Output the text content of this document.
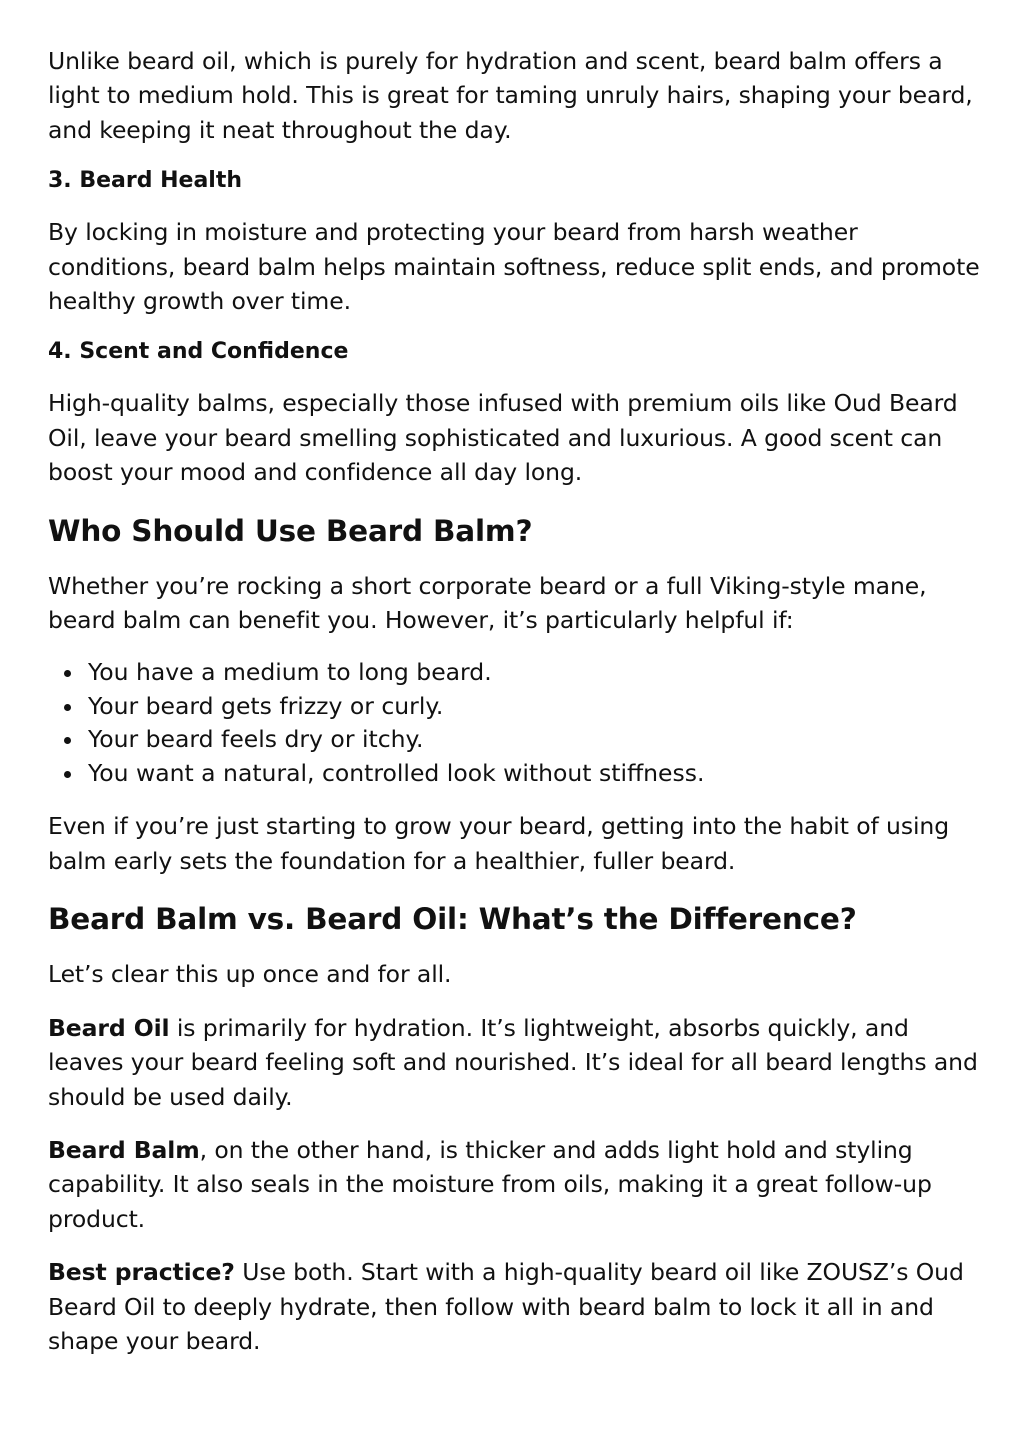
Unlike beard oil, which is purely for hydration and scent, beard balm offers a light to medium hold. This is great for taming unruly hairs, shaping your beard, and keeping it neat throughout the day.

3. Beard Health

By locking in moisture and protecting your beard from harsh weather conditions, beard balm helps maintain softness, reduce split ends, and promote healthy growth over time.

4. Scent and Confidence

High-quality balms, especially those infused with premium oils like Oud Beard Oil, leave your beard smelling sophisticated and luxurious. A good scent can boost your mood and confidence all day long.

Who Should Use Beard Balm?

Whether you’re rocking a short corporate beard or a full Viking-style mane, beard balm can benefit you. However, it’s particularly helpful if:

You have a medium to long beard.
Your beard gets frizzy or curly.
Your beard feels dry or itchy.
You want a natural, controlled look without stiffness.

Even if you’re just starting to grow your beard, getting into the habit of using balm early sets the foundation for a healthier, fuller beard.

Beard Balm vs. Beard Oil: What’s the Difference?

Let’s clear this up once and for all.

Beard Oil is primarily for hydration. It’s lightweight, absorbs quickly, and leaves your beard feeling soft and nourished. It’s ideal for all beard lengths and should be used daily.

Beard Balm, on the other hand, is thicker and adds light hold and styling capability. It also seals in the moisture from oils, making it a great follow-up product.

Best practice? Use both. Start with a high-quality beard oil like ZOUSZ’s Oud Beard Oil to deeply hydrate, then follow with beard balm to lock it all in and shape your beard.
